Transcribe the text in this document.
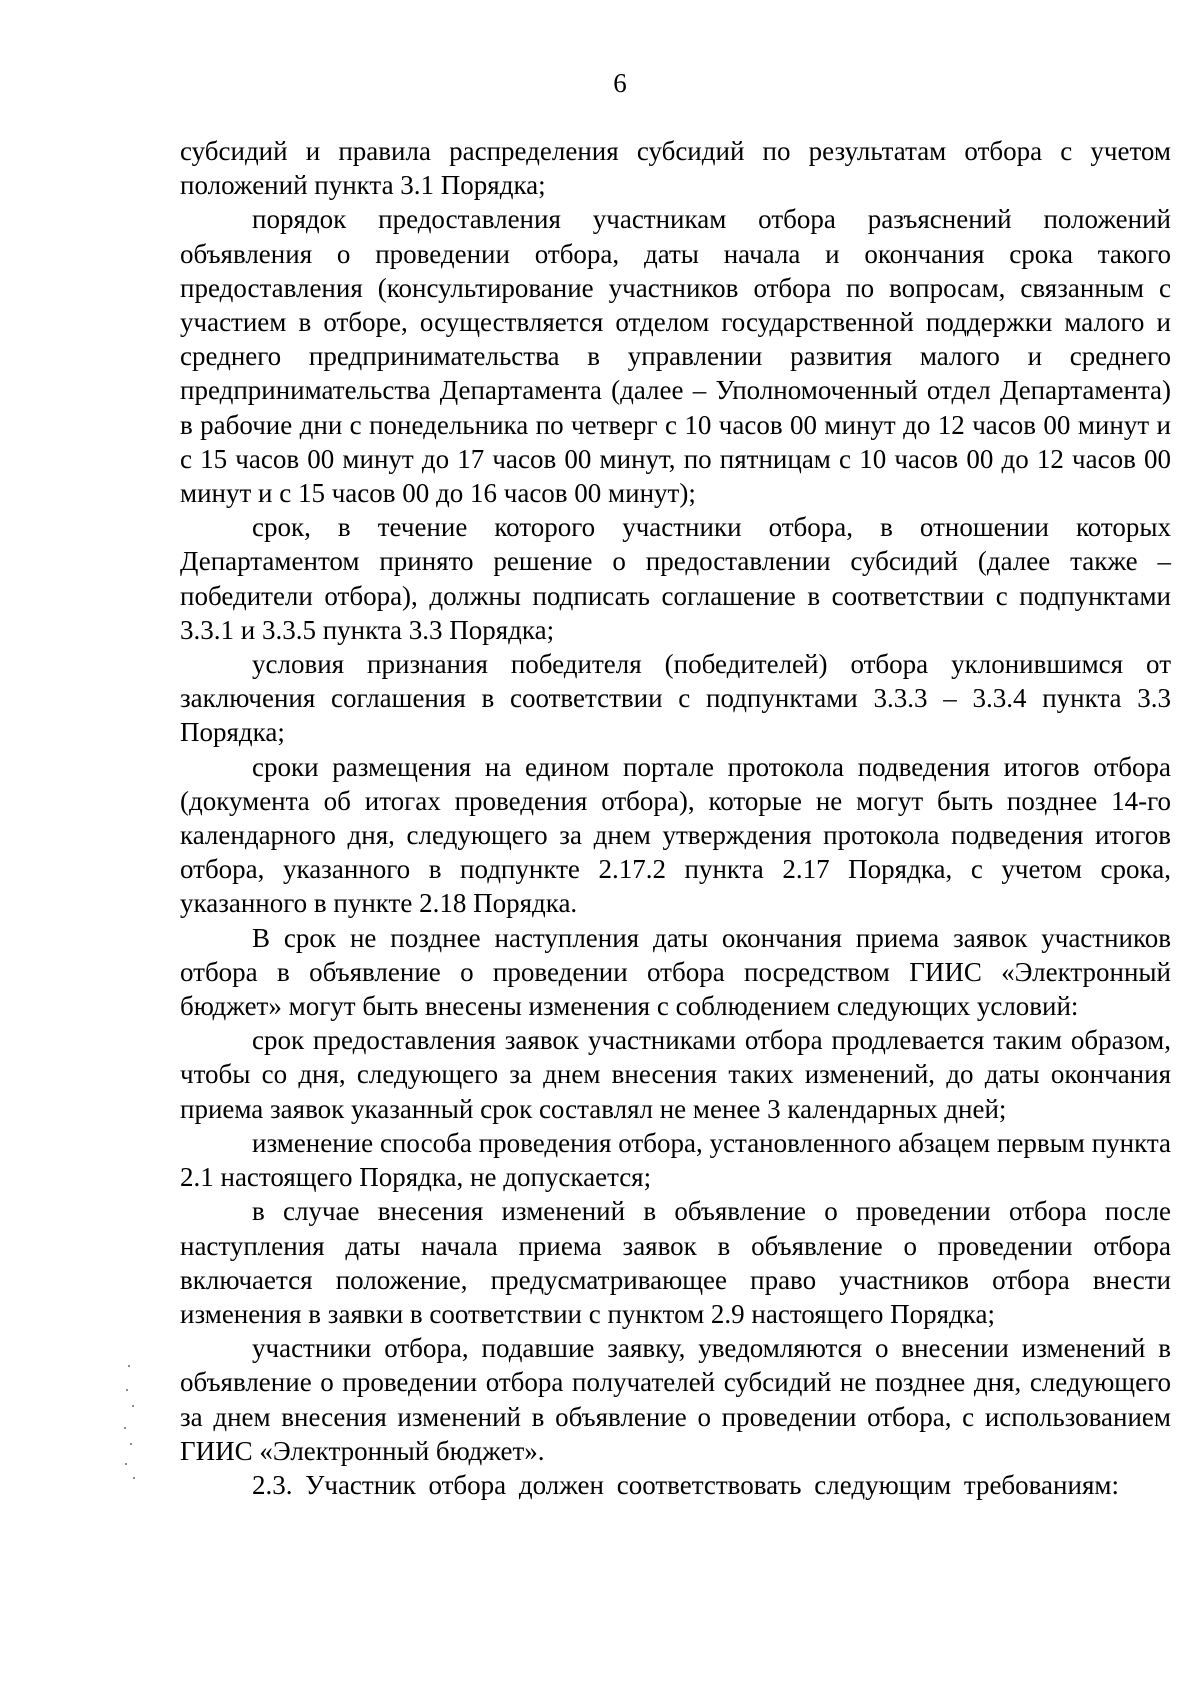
6

субсидий и правила распределения субсидий по результатам отбора с учетом положений пункта 3.1 Порядка;

порядок предоставления участникам отбора разъяснений положений объявления о проведении отбора, даты начала и окончания срока такого предоставления (консультирование участников отбора по вопросам, связанным с участием в отборе, осуществляется отделом государственной поддержки малого и среднего предпринимательства в управлении развития малого и среднего предпринимательства Департамента (далее – Уполномоченный отдел Департамента) в рабочие дни с понедельника по четверг с 10 часов 00 минут до 12 часов 00 минут и с 15 часов 00 минут до 17 часов 00 минут, по пятницам с 10 часов 00 до 12 часов 00 минут и с 15 часов 00 до 16 часов 00 минут);

срок, в течение которого участники отбора, в отношении которых Департаментом принято решение о предоставлении субсидий (далее также – победители отбора), должны подписать соглашение в соответствии с подпунктами 3.3.1 и 3.3.5 пункта 3.3 Порядка;

условия признания победителя (победителей) отбора уклонившимся от заключения соглашения в соответствии с подпунктами 3.3.3 – 3.3.4 пункта 3.3 Порядка;

сроки размещения на едином портале протокола подведения итогов отбора (документа об итогах проведения отбора), которые не могут быть позднее 14-го календарного дня, следующего за днем утверждения протокола подведения итогов отбора, указанного в подпункте 2.17.2 пункта 2.17 Порядка, с учетом срока, указанного в пункте 2.18 Порядка.

В срок не позднее наступления даты окончания приема заявок участников отбора в объявление о проведении отбора посредством ГИИС «Электронный бюджет» могут быть внесены изменения с соблюдением следующих условий:

срок предоставления заявок участниками отбора продлевается таким образом, чтобы со дня, следующего за днем внесения таких изменений, до даты окончания приема заявок указанный срок составлял не менее 3 календарных дней;

изменение способа проведения отбора, установленного абзацем первым пункта 2.1 настоящего Порядка, не допускается;

в случае внесения изменений в объявление о проведении отбора после наступления даты начала приема заявок в объявление о проведении отбора включается положение, предусматривающее право участников отбора внести изменения в заявки в соответствии с пунктом 2.9 настоящего Порядка;

участники отбора, подавшие заявку, уведомляются о внесении изменений в объявление о проведении отбора получателей субсидий не позднее дня, следующего за днем внесения изменений в объявление о проведении отбора, с использованием ГИИС «Электронный бюджет».

2.3. Участник отбора должен соответствовать следующим требованиям:
